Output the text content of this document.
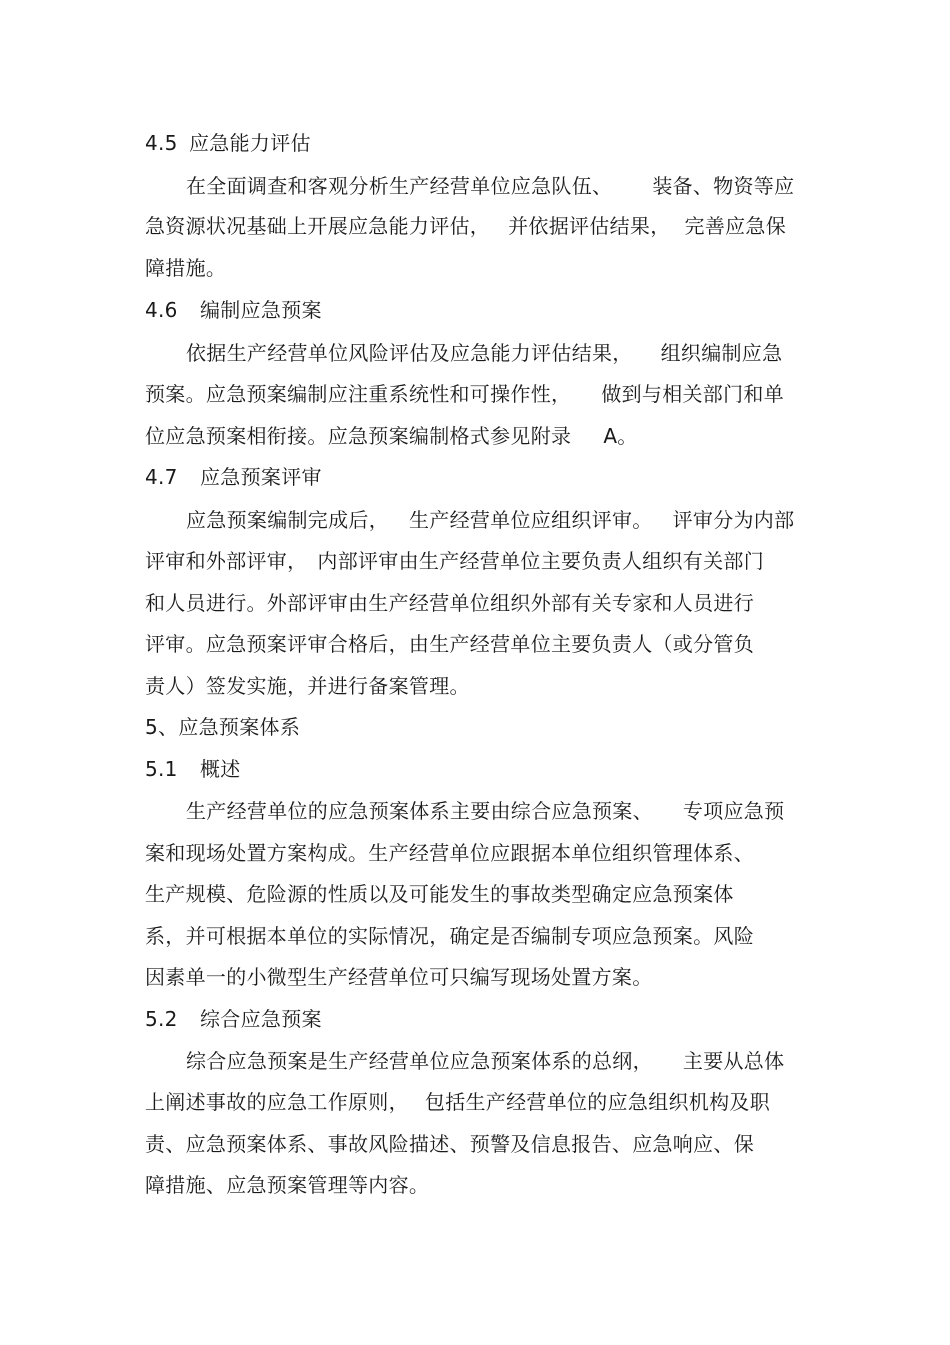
4.5 应急能力评估
在全面调查和客观分析生产经营单位应急队伍、 装备、物资等应
急资源状况基础上开展应急能力评估， 并依据评估结果， 完善应急保
障措施。
4.6 编制应急预案
依据生产经营单位风险评估及应急能力评估结果， 组织编制应急
预案。应急预案编制应注重系统性和可操作性， 做到与相关部门和单
位应急预案相衔接。应急预案编制格式参见附录 A。
4.7 应急预案评审
应急预案编制完成后， 生产经营单位应组织评审。 评审分为内部
评审和外部评审， 内部评审由生产经营单位主要负责人组织有关部门
和人员进行。外部评审由生产经营单位组织外部有关专家和人员进行
评审。应急预案评审合格后，由生产经营单位主要负责人（或分管负
责人）签发实施，并进行备案管理。
5、应急预案体系
5.1 概述
生产经营单位的应急预案体系主要由综合应急预案、 专项应急预
案和现场处置方案构成。生产经营单位应跟据本单位组织管理体系、
生产规模、危险源的性质以及可能发生的事故类型确定应急预案体
系，并可根据本单位的实际情况，确定是否编制专项应急预案。风险
因素单一的小微型生产经营单位可只编写现场处置方案。
5.2 综合应急预案
综合应急预案是生产经营单位应急预案体系的总纲， 主要从总体
上阐述事故的应急工作原则， 包括生产经营单位的应急组织机构及职
责、应急预案体系、事故风险描述、预警及信息报告、应急响应、保
障措施、应急预案管理等内容。
